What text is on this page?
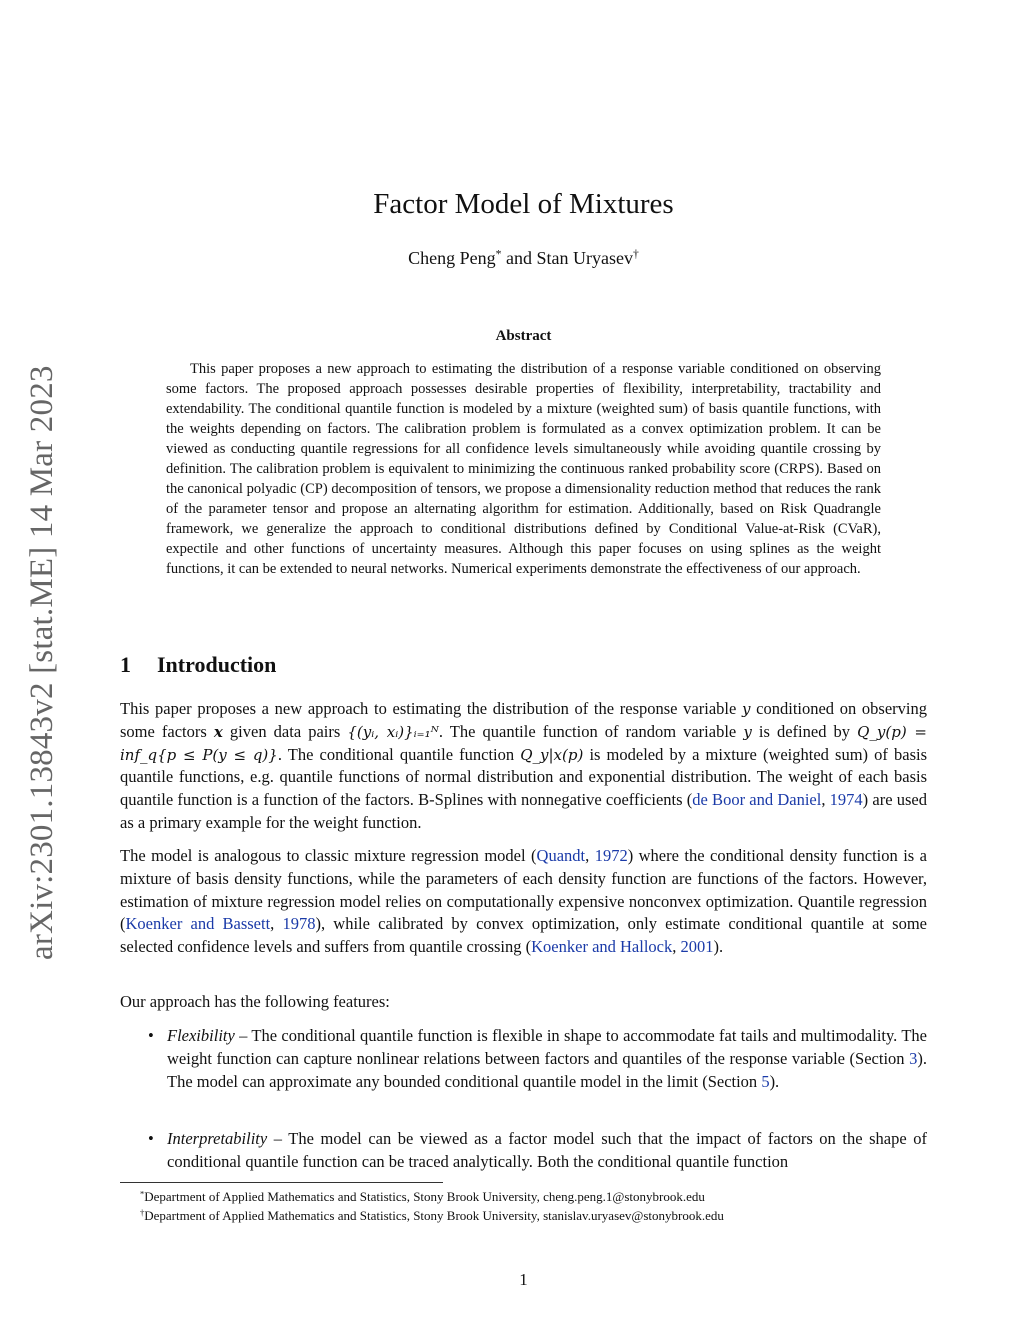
arXiv:2301.13843v2 [stat.ME] 14 Mar 2023
Factor Model of Mixtures
Cheng Peng* and Stan Uryasev†
Abstract

This paper proposes a new approach to estimating the distribution of a response variable conditioned on observing some factors. The proposed approach possesses desirable properties of flexibility, interpretability, tractability and extendability. The conditional quantile function is modeled by a mixture (weighted sum) of basis quantile functions, with the weights depending on factors. The calibration problem is formulated as a convex optimization problem. It can be viewed as conducting quantile regressions for all confidence levels simultaneously while avoiding quantile crossing by definition. The calibration problem is equivalent to minimizing the continuous ranked probability score (CRPS). Based on the canonical polyadic (CP) decomposition of tensors, we propose a dimensionality reduction method that reduces the rank of the parameter tensor and propose an alternating algorithm for estimation. Additionally, based on Risk Quadrangle framework, we generalize the approach to conditional distributions defined by Conditional Value-at-Risk (CVaR), expectile and other functions of uncertainty measures. Although this paper focuses on using splines as the weight functions, it can be extended to neural networks. Numerical experiments demonstrate the effectiveness of our approach.

1 Introduction

This paper proposes a new approach to estimating the distribution of the response variable y conditioned on observing some factors x given data pairs {(yᵢ, xᵢ)}ᵢ₌₁ᴺ. The quantile function of random variable y is defined by Q_y(p) = inf_q{p ≤ P(y ≤ q)}. The conditional quantile function Q_y|x(p) is modeled by a mixture (weighted sum) of basis quantile functions, e.g. quantile functions of normal distribution and exponential distribution. The weight of each basis quantile function is a function of the factors. B-Splines with nonnegative coefficients (de Boor and Daniel, 1974) are used as a primary example for the weight function.

The model is analogous to classic mixture regression model (Quandt, 1972) where the conditional density function is a mixture of basis density functions, while the parameters of each density function are functions of the factors. However, estimation of mixture regression model relies on computationally expensive nonconvex optimization. Quantile regression (Koenker and Bassett, 1978), while calibrated by convex optimization, only estimate conditional quantile at some selected confidence levels and suffers from quantile crossing (Koenker and Hallock, 2001).

Our approach has the following features:

• Flexibility – The conditional quantile function is flexible in shape to accommodate fat tails and multimodality. The weight function can capture nonlinear relations between factors and quantiles of the response variable (Section 3). The model can approximate any bounded conditional quantile model in the limit (Section 5).
• Interpretability – The model can be viewed as a factor model such that the impact of factors on the shape of conditional quantile function can be traced analytically. Both the conditional quantile function
*Department of Applied Mathematics and Statistics, Stony Brook University, cheng.peng.1@stonybrook.edu
†Department of Applied Mathematics and Statistics, Stony Brook University, stanislav.uryasev@stonybrook.edu
1
